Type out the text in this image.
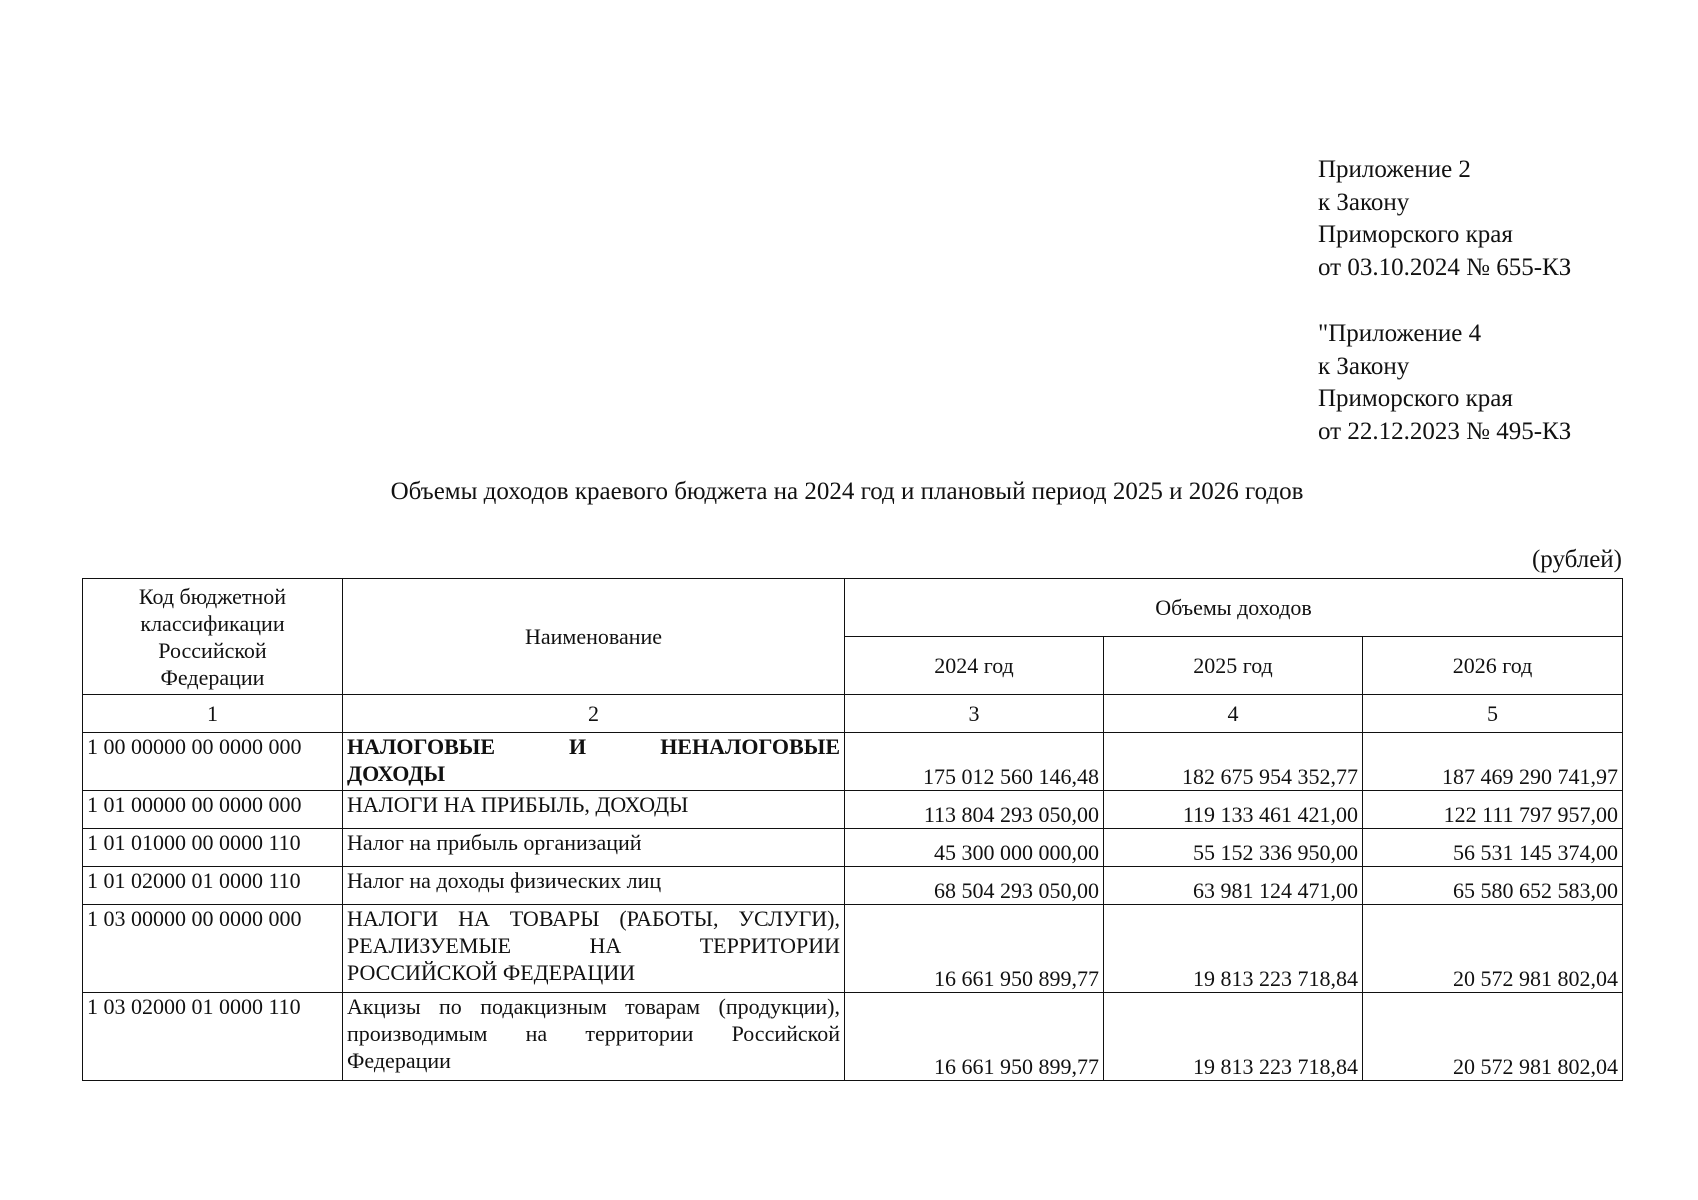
Приложение 2
к Закону
Приморского края
от 03.10.2024 № 655-КЗ
"Приложение 4
к Закону
Приморского края
от 22.12.2023 № 495-КЗ
Объемы доходов краевого бюджета на 2024 год и плановый период 2025 и 2026 годов
(рублей)
Код бюджетной классификации Российской Федерации	Наименование	Объемы доходов		
		2024 год	2025 год	2026 год
1	2	3	4	5
1 00 00000 00 0000 000	НАЛОГОВЫЕ И НЕНАЛОГОВЫЕ
ДОХОДЫ	175 012 560 146,48	182 675 954 352,77	187 469 290 741,97
1 01 00000 00 0000 000	НАЛОГИ НА ПРИБЫЛЬ, ДОХОДЫ	113 804 293 050,00	119 133 461 421,00	122 111 797 957,00
1 01 01000 00 0000 110	Налог на прибыль организаций	45 300 000 000,00	55 152 336 950,00	56 531 145 374,00
1 01 02000 01 0000 110	Налог на доходы физических лиц	68 504 293 050,00	63 981 124 471,00	65 580 652 583,00
1 03 00000 00 0000 000	НАЛОГИ НА ТОВАРЫ (РАБОТЫ, УСЛУГИ),
РЕАЛИЗУЕМЫЕ НА ТЕРРИТОРИИ
РОССИЙСКОЙ ФЕДЕРАЦИИ	16 661 950 899,77	19 813 223 718,84	20 572 981 802,04
1 03 02000 01 0000 110	Акцизы по подакцизным товарам (продукции),
производимым на территории Российской
Федерации	16 661 950 899,77	19 813 223 718,84	20 572 981 802,04
